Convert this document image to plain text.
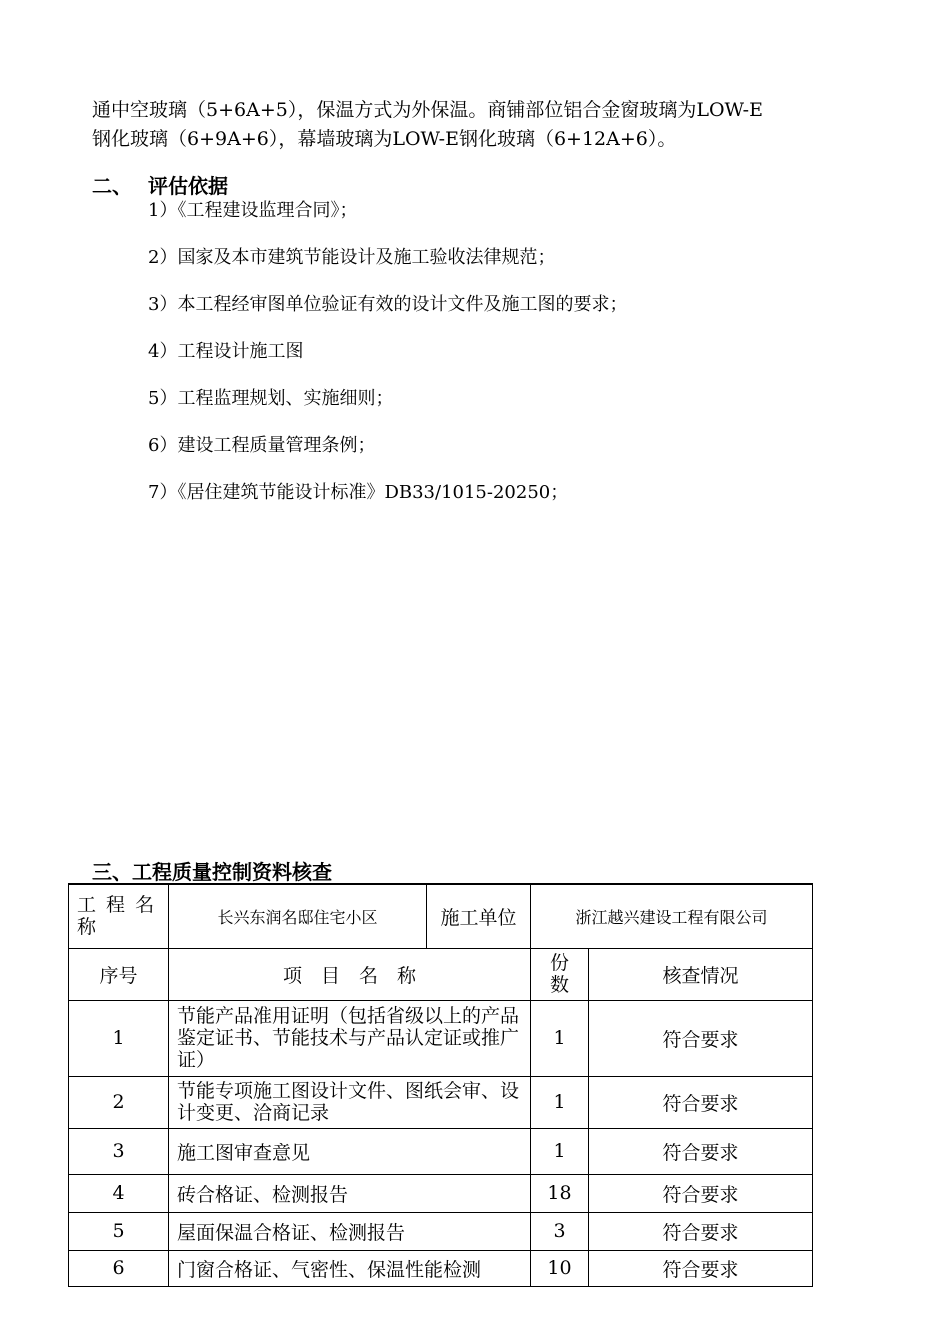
通中空玻璃（5+6A+5），保温方式为外保温。商铺部位铝合金窗玻璃为LOW-E

钢化玻璃（6+9A+6），幕墙玻璃为LOW-E钢化玻璃（6+12A+6）。

二、 评估依据
1）《工程建设监理合同》；
2）国家及本市建筑节能设计及施工验收法律规范；
3）本工程经审图单位验证有效的设计文件及施工图的要求；
4）工程设计施工图
5）工程监理规划、实施细则；
6）建设工程质量管理条例；
7）《居住建筑节能设计标准》DB33/1015-20250；
三、工程质量控制资料核查
工 程 名 称	长兴东润名邸住宅小区	施工单位	浙江越兴建设工程有限公司	
序号	项　目　名　称		份数	核查情况
1	节能产品准用证明（包括省级以上的产品鉴定证书、节能技术与产品认定证或推广证）		1	符合要求
2	节能专项施工图设计文件、图纸会审、设计变更、洽商记录		1	符合要求
3	施工图审查意见		1	符合要求
4	砖合格证、检测报告		18	符合要求
5	屋面保温合格证、检测报告		3	符合要求
6	门窗合格证、气密性、保温性能检测		10	符合要求
